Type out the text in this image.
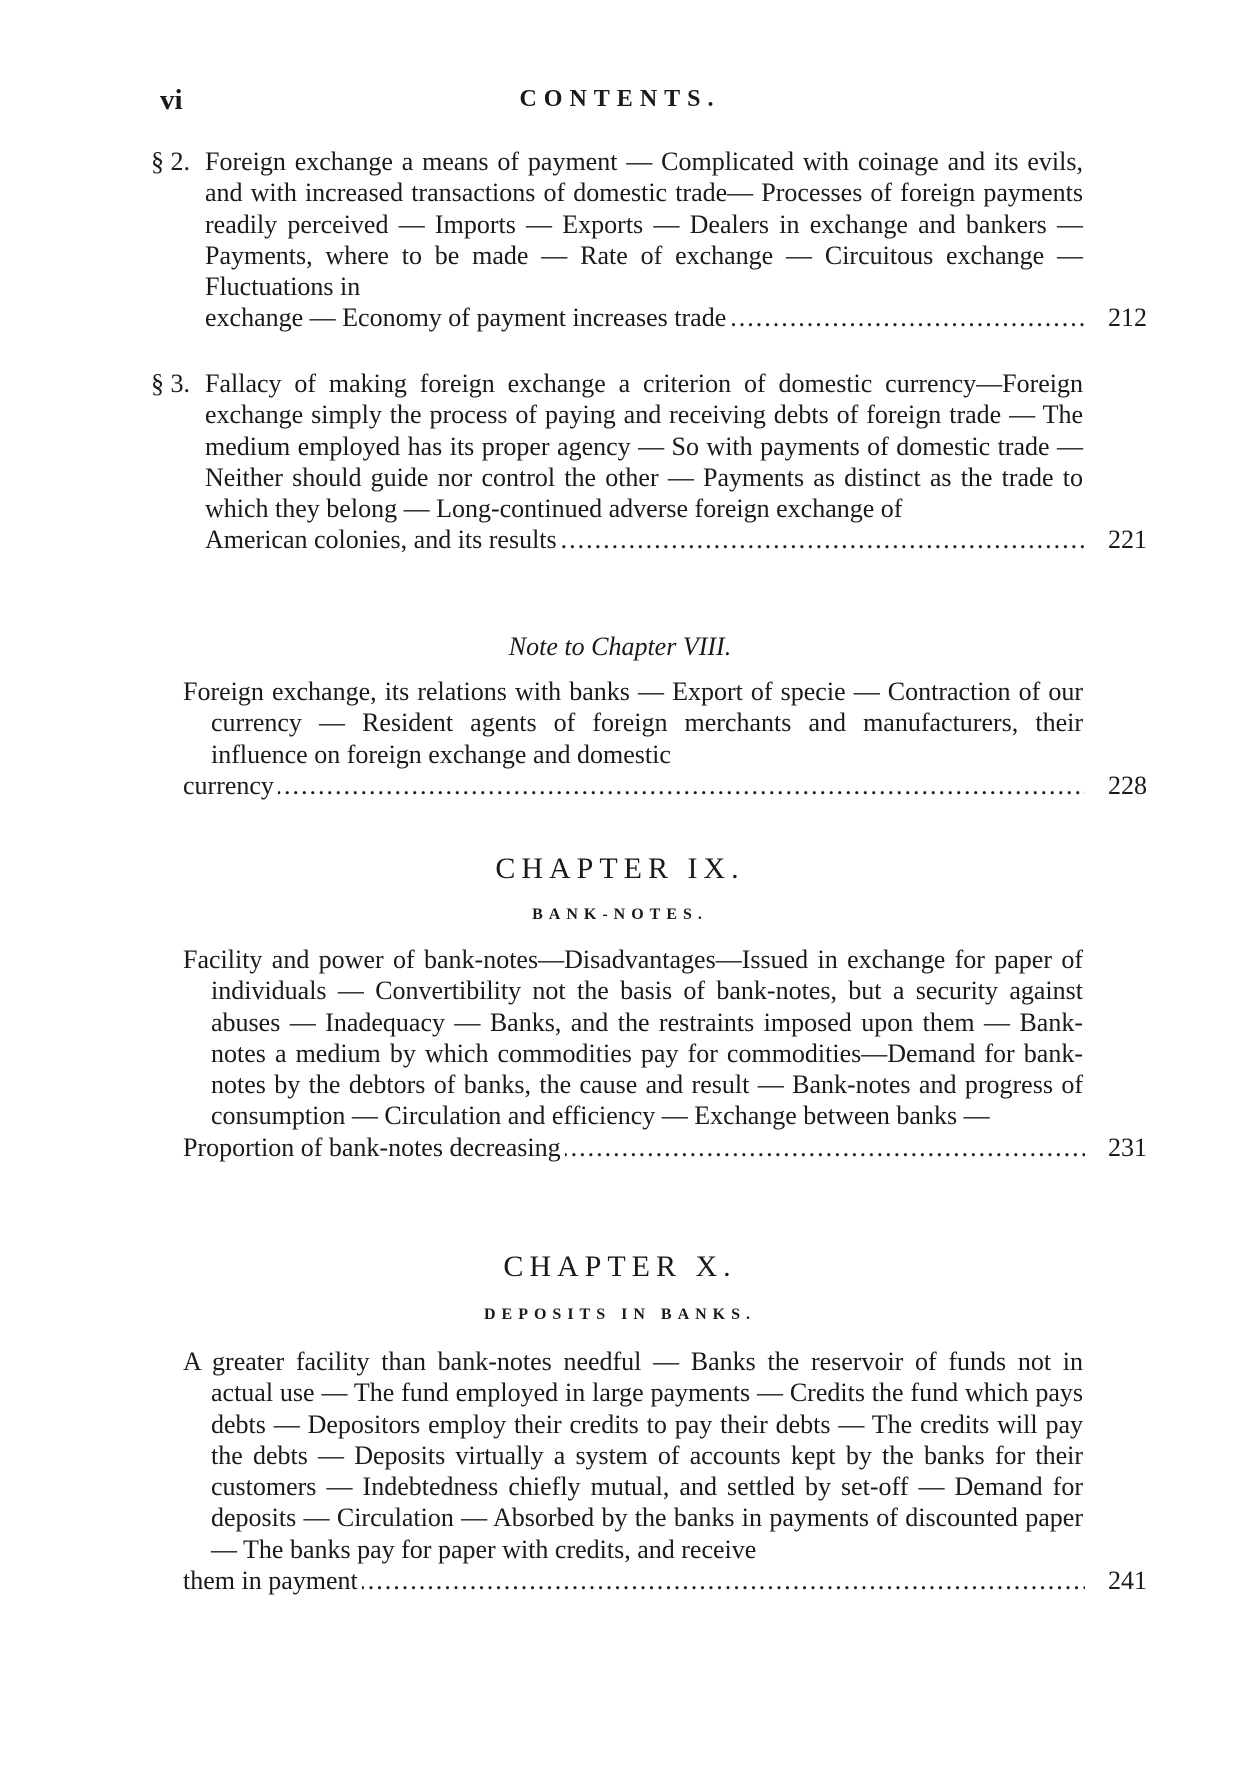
vi	CONTENTS.
§ 2. Foreign exchange a means of payment — Complicated with coinage and its evils, and with increased transactions of domestic trade— Processes of foreign payments readily perceived — Imports — Exports — Dealers in exchange and bankers — Payments, where to be made — Rate of exchange — Circuitous exchange — Fluctuations in
exchange — Economy of payment increases trade .....	212
§ 3. Fallacy of making foreign exchange a criterion of domestic currency—Foreign exchange simply the process of paying and receiving debts of foreign trade — The medium employed has its proper agency — So with payments of domestic trade — Neither should guide nor control the other — Payments as distinct as the trade to which they belong — Long-continued adverse foreign exchange of
American colonies, and its results .....	221
Note to Chapter VIII.
Foreign exchange, its relations with banks — Export of specie — Contraction of our currency — Resident agents of foreign merchants and manufacturers, their influence on foreign exchange and domestic
currency .....	228
CHAPTER IX.
BANK-NOTES.
Facility and power of bank-notes—Disadvantages—Issued in exchange for paper of individuals — Convertibility not the basis of bank-notes, but a security against abuses — Inadequacy — Banks, and the restraints imposed upon them — Bank-notes a medium by which commodities pay for commodities—Demand for bank-notes by the debtors of banks, the cause and result — Bank-notes and progress of consumption — Circulation and efficiency — Exchange between banks —
Proportion of bank-notes decreasing .....	231
CHAPTER X.
DEPOSITS IN BANKS.
A greater facility than bank-notes needful — Banks the reservoir of funds not in actual use — The fund employed in large payments — Credits the fund which pays debts — Depositors employ their credits to pay their debts — The credits will pay the debts — Deposits virtually a system of accounts kept by the banks for their customers — Indebtedness chiefly mutual, and settled by set-off — Demand for deposits — Circulation — Absorbed by the banks in payments of discounted paper — The banks pay for paper with credits, and receive
them in payment .....	241
